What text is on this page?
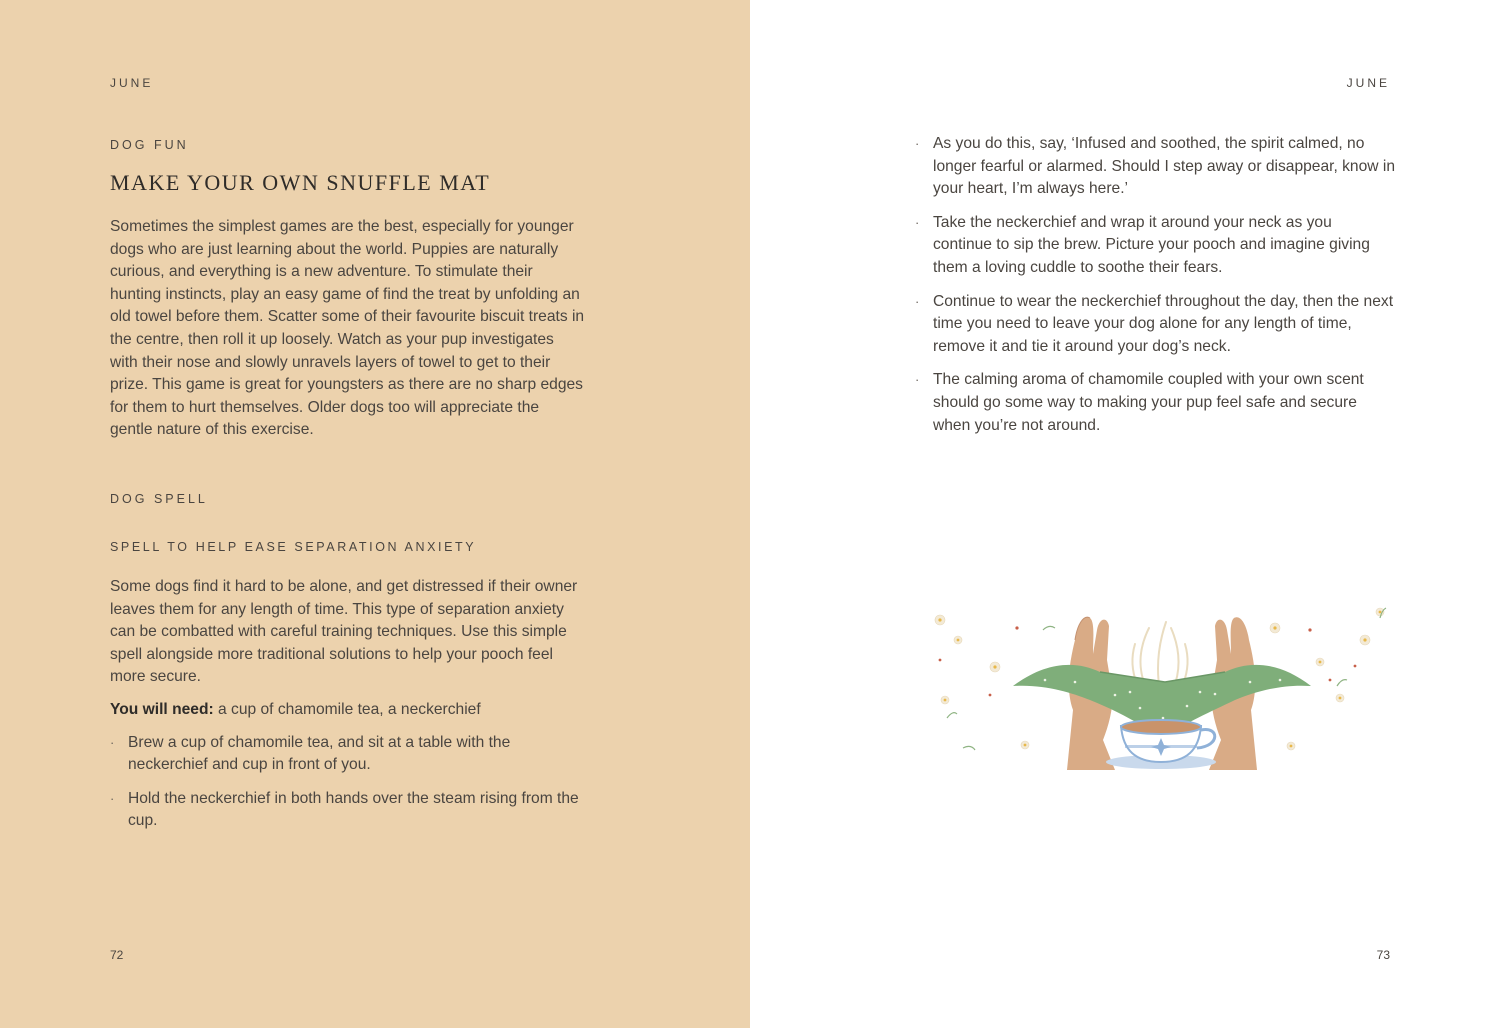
JUNE

DOG FUN

MAKE YOUR OWN SNUFFLE MAT

Sometimes the simplest games are the best, especially for younger dogs who are just learning about the world. Puppies are naturally curious, and everything is a new adventure. To stimulate their hunting instincts, play an easy game of find the treat by unfolding an old towel before them. Scatter some of their favourite biscuit treats in the centre, then roll it up loosely. Watch as your pup investigates with their nose and slowly unravels layers of towel to get to their prize. This game is great for youngsters as there are no sharp edges for them to hurt themselves. Older dogs too will appreciate the gentle nature of this exercise.

DOG SPELL

SPELL TO HELP EASE SEPARATION ANXIETY

Some dogs find it hard to be alone, and get distressed if their owner leaves them for any length of time. This type of separation anxiety can be combatted with careful training techniques. Use this simple spell alongside more traditional solutions to help your pooch feel more secure.

You will need: a cup of chamomile tea, a neckerchief

· Brew a cup of chamomile tea, and sit at a table with the neckerchief and cup in front of you.
· Hold the neckerchief in both hands over the steam rising from the cup.
72
JUNE
73
· As you do this, say, ‘Infused and soothed, the spirit calmed, no longer fearful or alarmed. Should I step away or disappear, know in your heart, I’m always here.’
· Take the neckerchief and wrap it around your neck as you continue to sip the brew. Picture your pooch and imagine giving them a loving cuddle to soothe their fears.
· Continue to wear the neckerchief throughout the day, then the next time you need to leave your dog alone for any length of time, remove it and tie it around your dog’s neck.
· The calming aroma of chamomile coupled with your own scent should go some way to making your pup feel safe and secure when you’re not around.
